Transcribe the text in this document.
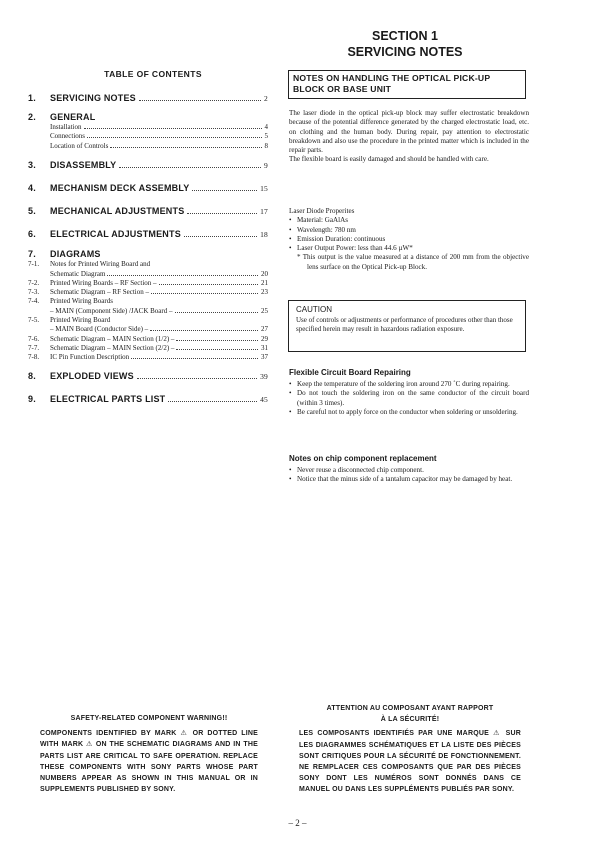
SECTION 1
SERVICING NOTES
TABLE OF CONTENTS
1.	SERVICING NOTES	2
2.	GENERAL
Installation	4
Connections	5
Location of Controls	8
3.	DISASSEMBLY	9
4.	MECHANISM DECK ASSEMBLY	15
5.	MECHANICAL ADJUSTMENTS	17
6.	ELECTRICAL ADJUSTMENTS	18
7.	DIAGRAMS
7-1.	Notes for Printed Wiring Board and
Schematic Diagram	20
7-2.	Printed Wiring Boards – RF Section –	21
7-3.	Schematic Diagram – RF Section –	23
7-4.	Printed Wiring Boards
– MAIN (Component Side) /JACK Board –	25
7-5.	Printed Wiring Board
– MAIN Board (Conductor Side) –	27
7-6.	Schematic Diagram – MAIN Section (1/2) –	29
7-7.	Schematic Diagram – MAIN Section (2/2) –	31
7-8.	IC Pin Function Description	37
8.	EXPLODED VIEWS	39
9.	ELECTRICAL PARTS LIST	45
NOTES ON HANDLING THE OPTICAL PICK-UP BLOCK OR BASE UNIT

The laser diode in the optical pick-up block may suffer electrostatic breakdown because of the potential difference generated by the charged electrostatic load, etc. on clothing and the human body. During repair, pay attention to electrostatic breakdown and also use the procedure in the printed matter which is included in the repair parts.

The flexible board is easily damaged and should be handled with care.

Laser Diode Properites
• Material: GaAlAs
• Wavelength: 780 nm
• Emission Duration: continuous
• Laser Output Power: less than 44.6 µW*
* This output is the value measured at a distance of 200 mm from the objective lens surface on the Optical Pick-up Block.
CAUTION
Use of controls or adjustments or performance of procedures other than those specified herein may result in hazardous radiation exposure.
Flexible Circuit Board Repairing
• Keep the temperature of the soldering iron around 270 ˚C during repairing.
• Do not touch the soldering iron on the same conductor of the circuit board (within 3 times).
• Be careful not to apply force on the conductor when soldering or unsoldering.
Notes on chip component replacement
• Never reuse a disconnected chip component.
• Notice that the minus side of a tantalum capacitor may be damaged by heat.
SAFETY-RELATED COMPONENT WARNING!!
COMPONENTS IDENTIFIED BY MARK ⚠ OR DOTTED LINE WITH MARK ⚠ ON THE SCHEMATIC DIAGRAMS AND IN THE PARTS LIST ARE CRITICAL TO SAFE OPERATION. REPLACE THESE COMPONENTS WITH SONY PARTS WHOSE PART NUMBERS APPEAR AS SHOWN IN THIS MANUAL OR IN SUPPLEMENTS PUBLISHED BY SONY.
ATTENTION AU COMPOSANT AYANT RAPPORT
À LA SÉCURITÉ!
LES COMPOSANTS IDENTIFIÉS PAR UNE MARQUE ⚠ SUR LES DIAGRAMMES SCHÉMATIQUES ET LA LISTE DES PIÈCES SONT CRITIQUES POUR LA SÉCURITÉ DE FONCTIONNEMENT. NE REMPLACER CES COMPOSANTS QUE PAR DES PIÈCES SONY DONT LES NUMÉROS SONT DONNÉS DANS CE MANUEL OU DANS LES SUPPLÉMENTS PUBLIÉS PAR SONY.
– 2 –
